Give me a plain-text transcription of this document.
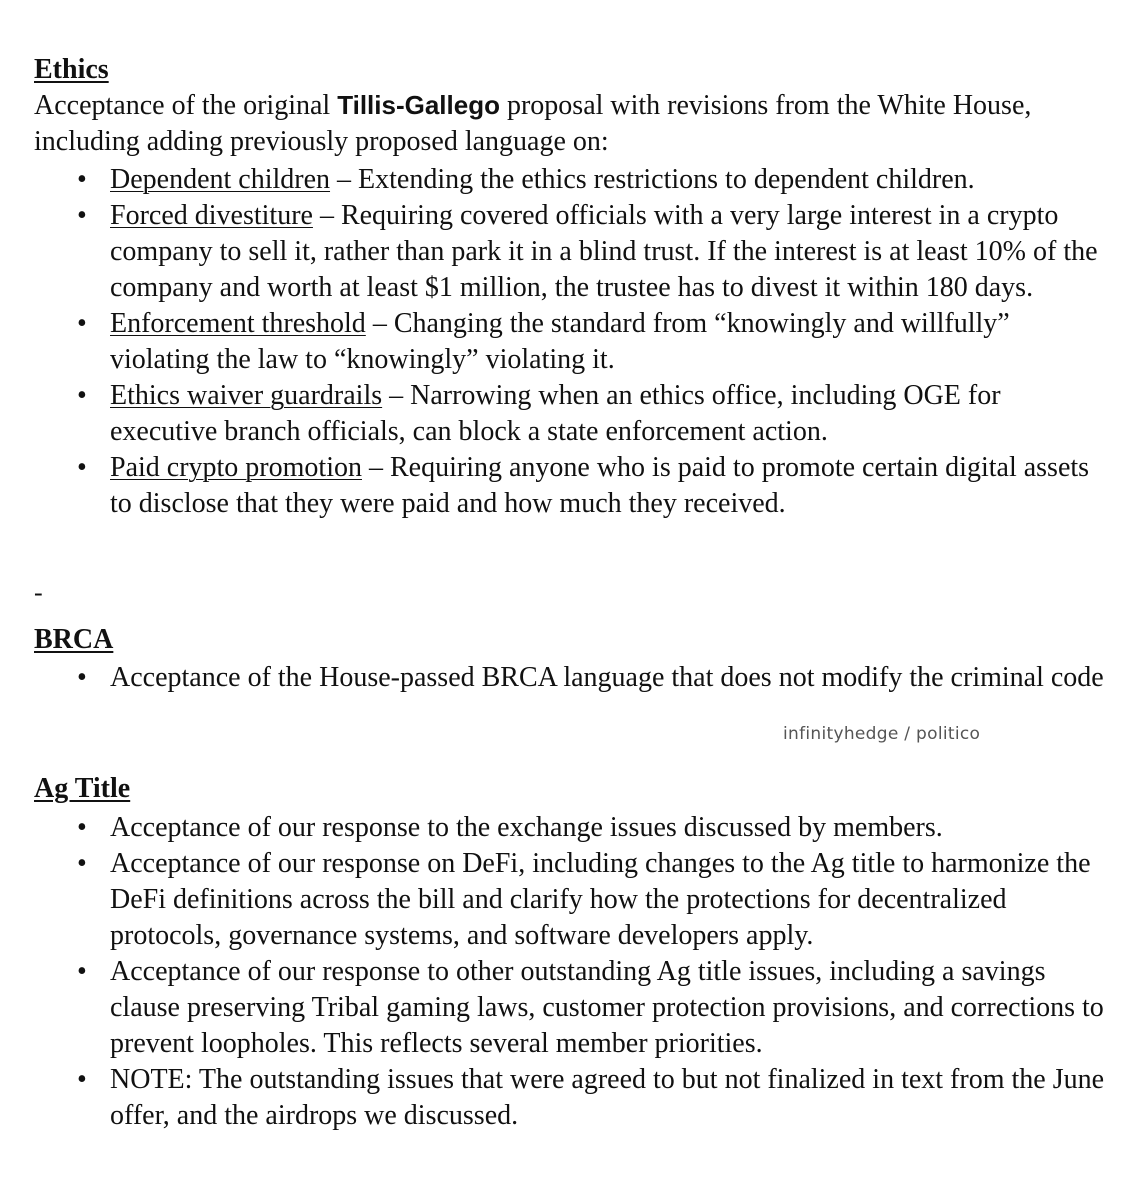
Ethics

Acceptance of the original Tillis-Gallego proposal with revisions from the White House, including adding previously proposed language on:

• Dependent children – Extending the ethics restrictions to dependent children.
• Forced divestiture – Requiring covered officials with a very large interest in a crypto company to sell it, rather than park it in a blind trust. If the interest is at least 10% of the company and worth at least $1 million, the trustee has to divest it within 180 days.
• Enforcement threshold – Changing the standard from “knowingly and willfully” violating the law to “knowingly” violating it.
• Ethics waiver guardrails – Narrowing when an ethics office, including OGE for executive branch officials, can block a state enforcement action.
• Paid crypto promotion – Requiring anyone who is paid to promote certain digital assets to disclose that they were paid and how much they received.
-
BRCA
• Acceptance of the House-passed BRCA language that does not modify the criminal code
infinityhedge / politico
Ag Title
• Acceptance of our response to the exchange issues discussed by members.
• Acceptance of our response on DeFi, including changes to the Ag title to harmonize the DeFi definitions across the bill and clarify how the protections for decentralized protocols, governance systems, and software developers apply.
• Acceptance of our response to other outstanding Ag title issues, including a savings clause preserving Tribal gaming laws, customer protection provisions, and corrections to prevent loopholes. This reflects several member priorities.
• NOTE: The outstanding issues that were agreed to but not finalized in text from the June offer, and the airdrops we discussed.
